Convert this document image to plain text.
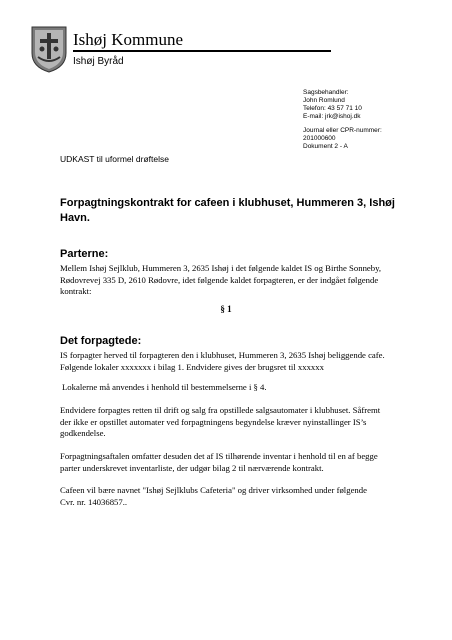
Ishøj Kommune
Ishøj Byråd
Sagsbehandler:
John Romlund
Telefon: 43 57 71 10
E-mail: jrk@ishoj.dk
Journal eller CPR-nummer:
201000600
Dokument 2 - A
UDKAST til uformel drøftelse
Forpagtningskontrakt for cafeen i klubhuset, Hummeren 3, Ishøj Havn.
Parterne:
Mellem Ishøj Sejlklub, Hummeren 3, 2635 Ishøj i det følgende kaldet IS og Birthe Sonneby,
Rødovrevej 335 D, 2610 Rødovre, idet følgende kaldet forpagteren, er der indgået følgende
kontrakt:
§ 1
Det forpagtede:
IS forpagter herved til forpagteren den i klubhuset, Hummeren 3, 2635 Ishøj beliggende cafe.
Følgende lokaler xxxxxxx i bilag 1. Endvidere gives der brugsret til xxxxxx
Lokalerne må anvendes i henhold til bestemmelserne i § 4.
Endvidere forpagtes retten til drift og salg fra opstillede salgsautomater i klubhuset. Såfremt
der ikke er opstillet automater ved forpagtningens begyndelse kræver nyinstallinger IS’s
godkendelse.
Forpagtningsaftalen omfatter desuden det af IS tilhørende inventar i henhold til en af begge
parter underskrevet inventarliste, der udgør bilag 2 til nærværende kontrakt.
Cafeen vil bære navnet "Ishøj Sejlklubs Cafeteria" og driver virksomhed under følgende
Cvr. nr. 14036857..
